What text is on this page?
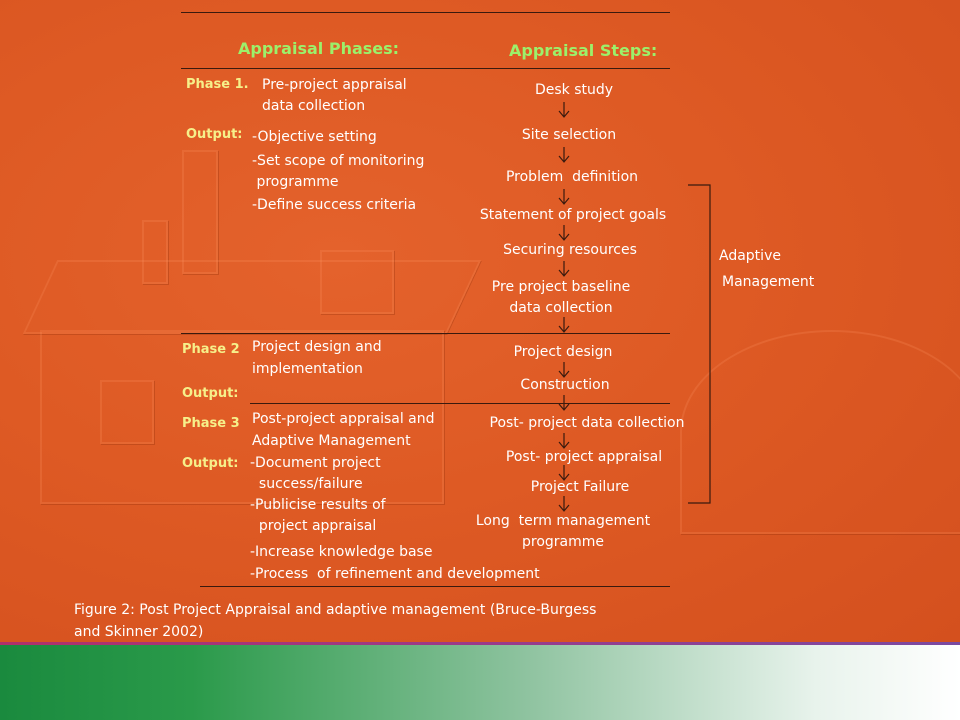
Appraisal Phases:	Appraisal Steps:
Phase 1. Pre-project appraisal
data collection
Output: -Objective setting
-Set scope of monitoring
programme
-Define success criteria
Phase 2 Project design and
implementation
Output:
Phase 3 Post-project appraisal and
Adaptive Management
Output: -Document project
success/failure
-Publicise results of
project appraisal
-Increase knowledge base
-Process  of refinement and development
Desk study
Site selection
Problem  definition
Statement of project goals
Securing resources
Pre project baseline
data collection
Project design
Construction
Post- project data collection
Post- project appraisal
Project Failure
Long  term management
programme
Adaptive
Management
Figure 2: Post Project Appraisal and adaptive management (Bruce-Burgess
and Skinner 2002)
